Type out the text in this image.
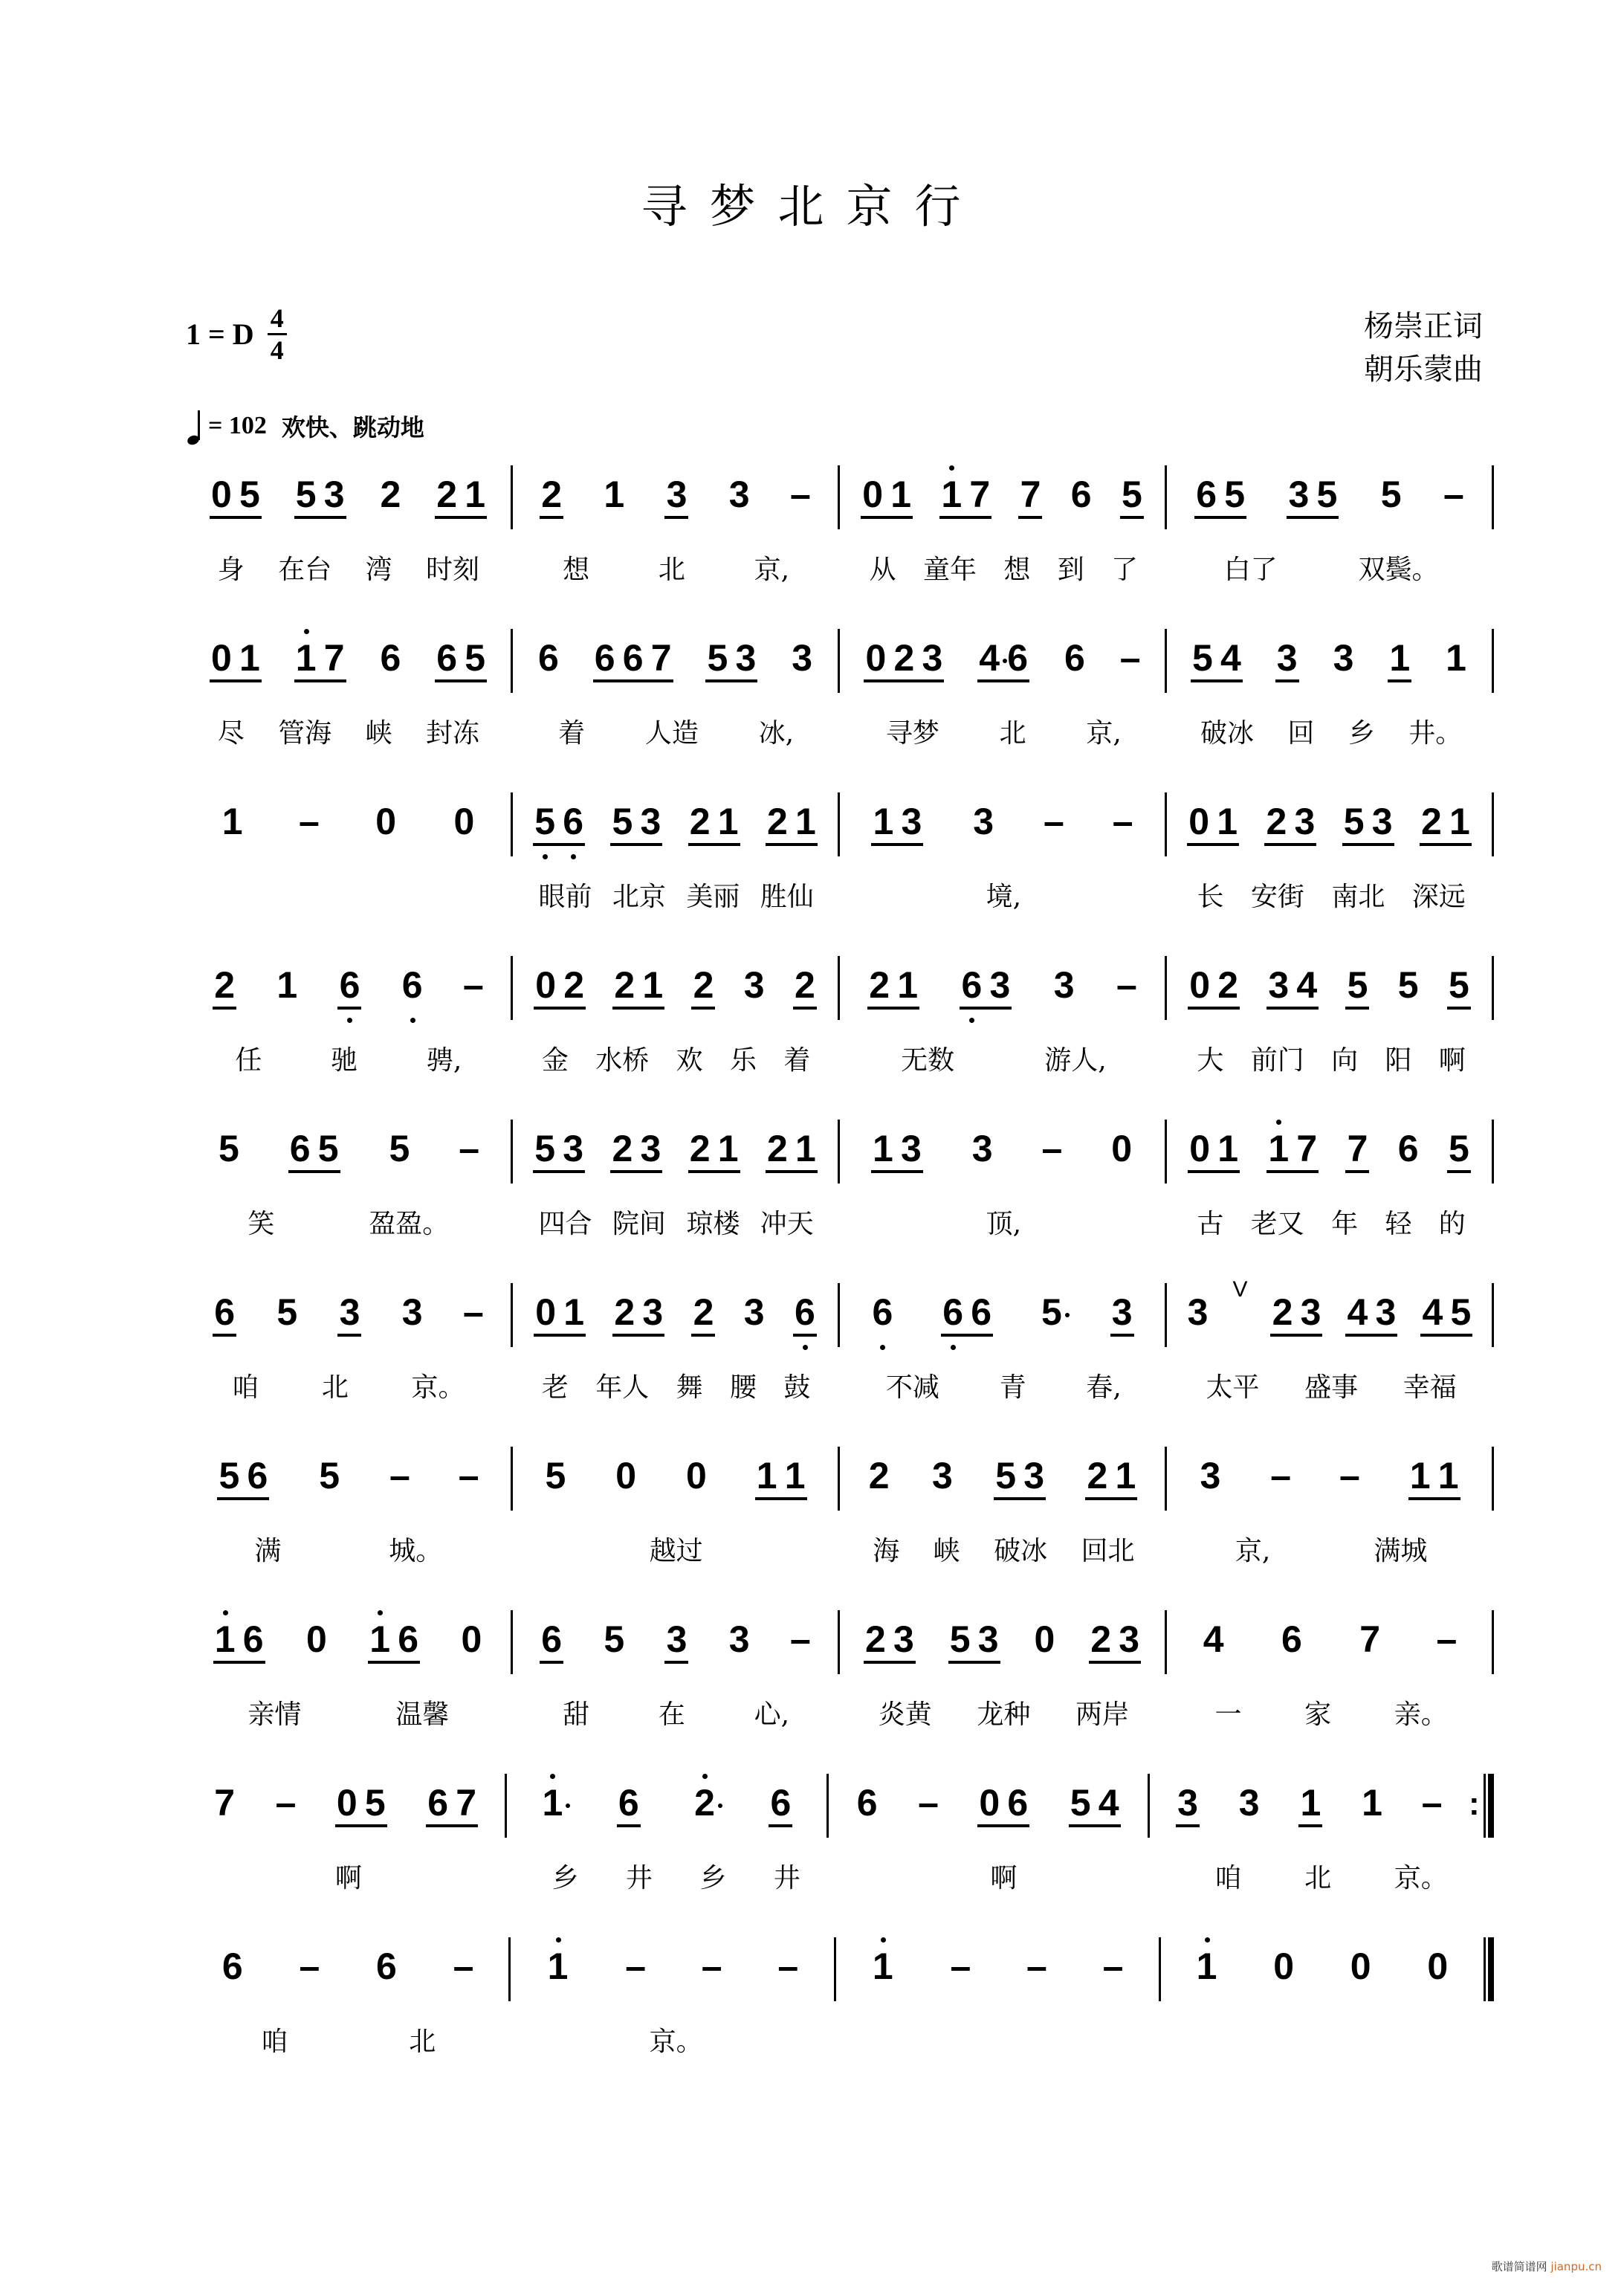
寻梦北京行
1 = D 4
4
杨崇正词
朝乐蒙曲
= 102 欢快、跳动地
0 5 5 3 2 2 1 2 1 3 3 – 0 1 1 7 7 6 5 6 5 3 5 5 –
身 在台 湾 时刻	想	北	京,	从 童年 想 到 了	白了	双鬓。
0 1 1 7 6 6 5 6 6 6 7 5 3 3 0 2 3 4 6 6 – 5 4 3 3 1 1
尽 管海 峡 封冻	着 人造 冰,	寻梦 北 京,	破冰 回 乡 井。
1 – 0 0 5 6 5 3 2 1 2 1 1 3 3 – – 0 1 2 3 5 3 2 1
眼前 北京 美丽 胜仙	境,	长 安街 南北 深远
2 1 6 6 – 0 2 2 1 2 3 2 2 1 6 3 3 – 0 2 3 4 5 5 5
任	驰	骋,	金 水桥 欢 乐 着	无数	游人,	大 前门 向 阳 啊
5 6 5 5 – 5 3 2 3 2 1 2 1 1 3 3 – 0 0 1 1 7 7 6 5
笑	盈盈。	四合 院间 琼楼 冲天	顶,	古 老又 年 轻 的
6 5 3 3 – 0 1 2 3 2 3 6 6 6 6 5 3 3
V
2 3 4 3 4 5
咱 北 京。	老 年人 舞 腰 鼓	不减 青 春,	太平 盛事 幸福
5 6 5 – – 5 0 0 1 1 2 3 5 3 2 1 3 – – 1 1
满	城。	越过	海 峡 破冰 回北	京,	满城
1 6 0 1 6 0 6 5 3 3 – 2 3 5 3 0 2 3 4 6 7 –
亲情	温馨	甜	在	心,	炎黄 龙种 两岸	一 家 亲。
7 – 0 5 6 7 1 6 2 6 6 – 0 6 5 4 3 3 1 1 –
:
啊	乡 井 乡 井	啊	咱 北 京。
6 – 6 – 1 – – – 1 – – – 1 0 0 0
咱	北	京。
歌谱简谱网 jianpu.cn
